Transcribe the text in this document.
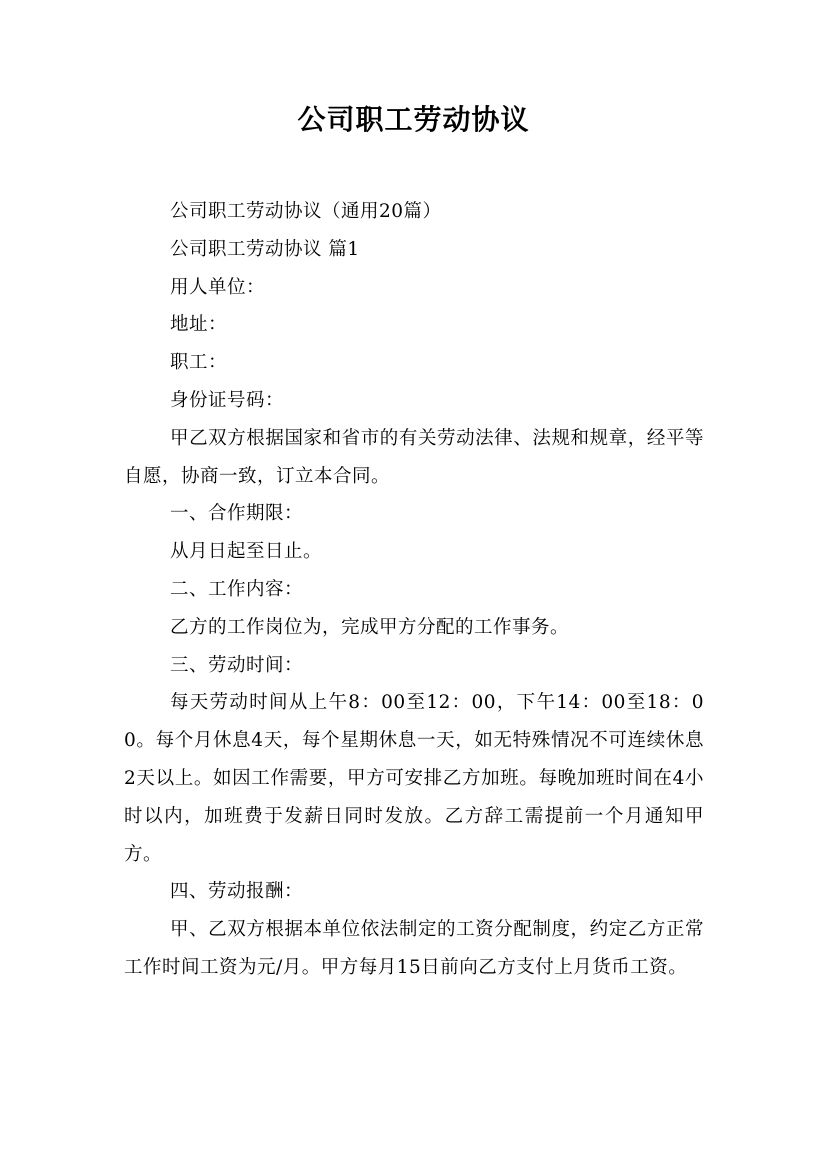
公司职工劳动协议

公司职工劳动协议（通用20篇）

公司职工劳动协议 篇1

用人单位：

地址：

职工：

身份证号码：

甲乙双方根据国家和省市的有关劳动法律、法规和规章，经平等自愿，协商一致，订立本合同。

一、合作期限：

从月日起至日止。

二、工作内容：

乙方的工作岗位为，完成甲方分配的工作事务。

三、劳动时间：

每天劳动时间从上午8：00至12：00，下午14：00至18：00。每个月休息4天，每个星期休息一天，如无特殊情况不可连续休息2天以上。如因工作需要，甲方可安排乙方加班。每晚加班时间在4小时以内，加班费于发薪日同时发放。乙方辞工需提前一个月通知甲方。

四、劳动报酬：

甲、乙双方根据本单位依法制定的工资分配制度，约定乙方正常工作时间工资为元/月。甲方每月15日前向乙方支付上月货币工资。
